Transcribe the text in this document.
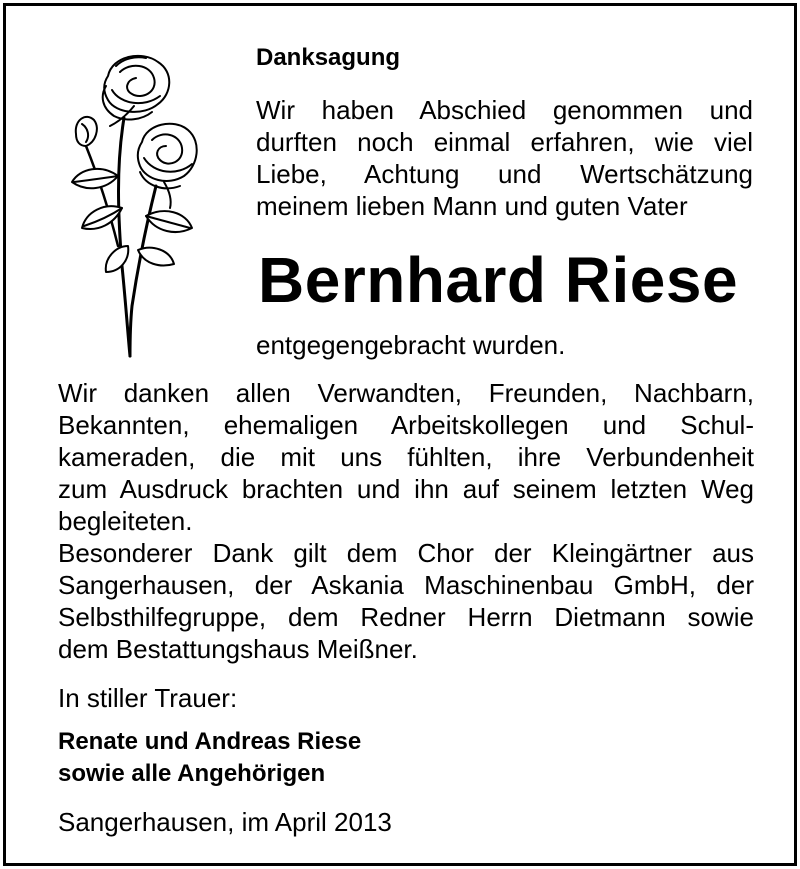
Danksagung

Wir haben Abschied genommen und
durften noch einmal erfahren, wie viel
Liebe, Achtung und Wertschätzung
meinem lieben Mann und guten Vater

Bernhard Riese

entgegengebracht wurden.

Wir danken allen Verwandten, Freunden, Nachbarn,
Bekannten, ehemaligen Arbeitskollegen und Schul-
kameraden, die mit uns fühlten, ihre Verbundenheit
zum Ausdruck brachten und ihn auf seinem letzten Weg
begleiteten.
Besonderer Dank gilt dem Chor der Kleingärtner aus
Sangerhausen, der Askania Maschinenbau GmbH, der
Selbsthilfegruppe, dem Redner Herrn Dietmann sowie
dem Bestattungshaus Meißner.

In stiller Trauer:

Renate und Andreas Riese
sowie alle Angehörigen

Sangerhausen, im April 2013
